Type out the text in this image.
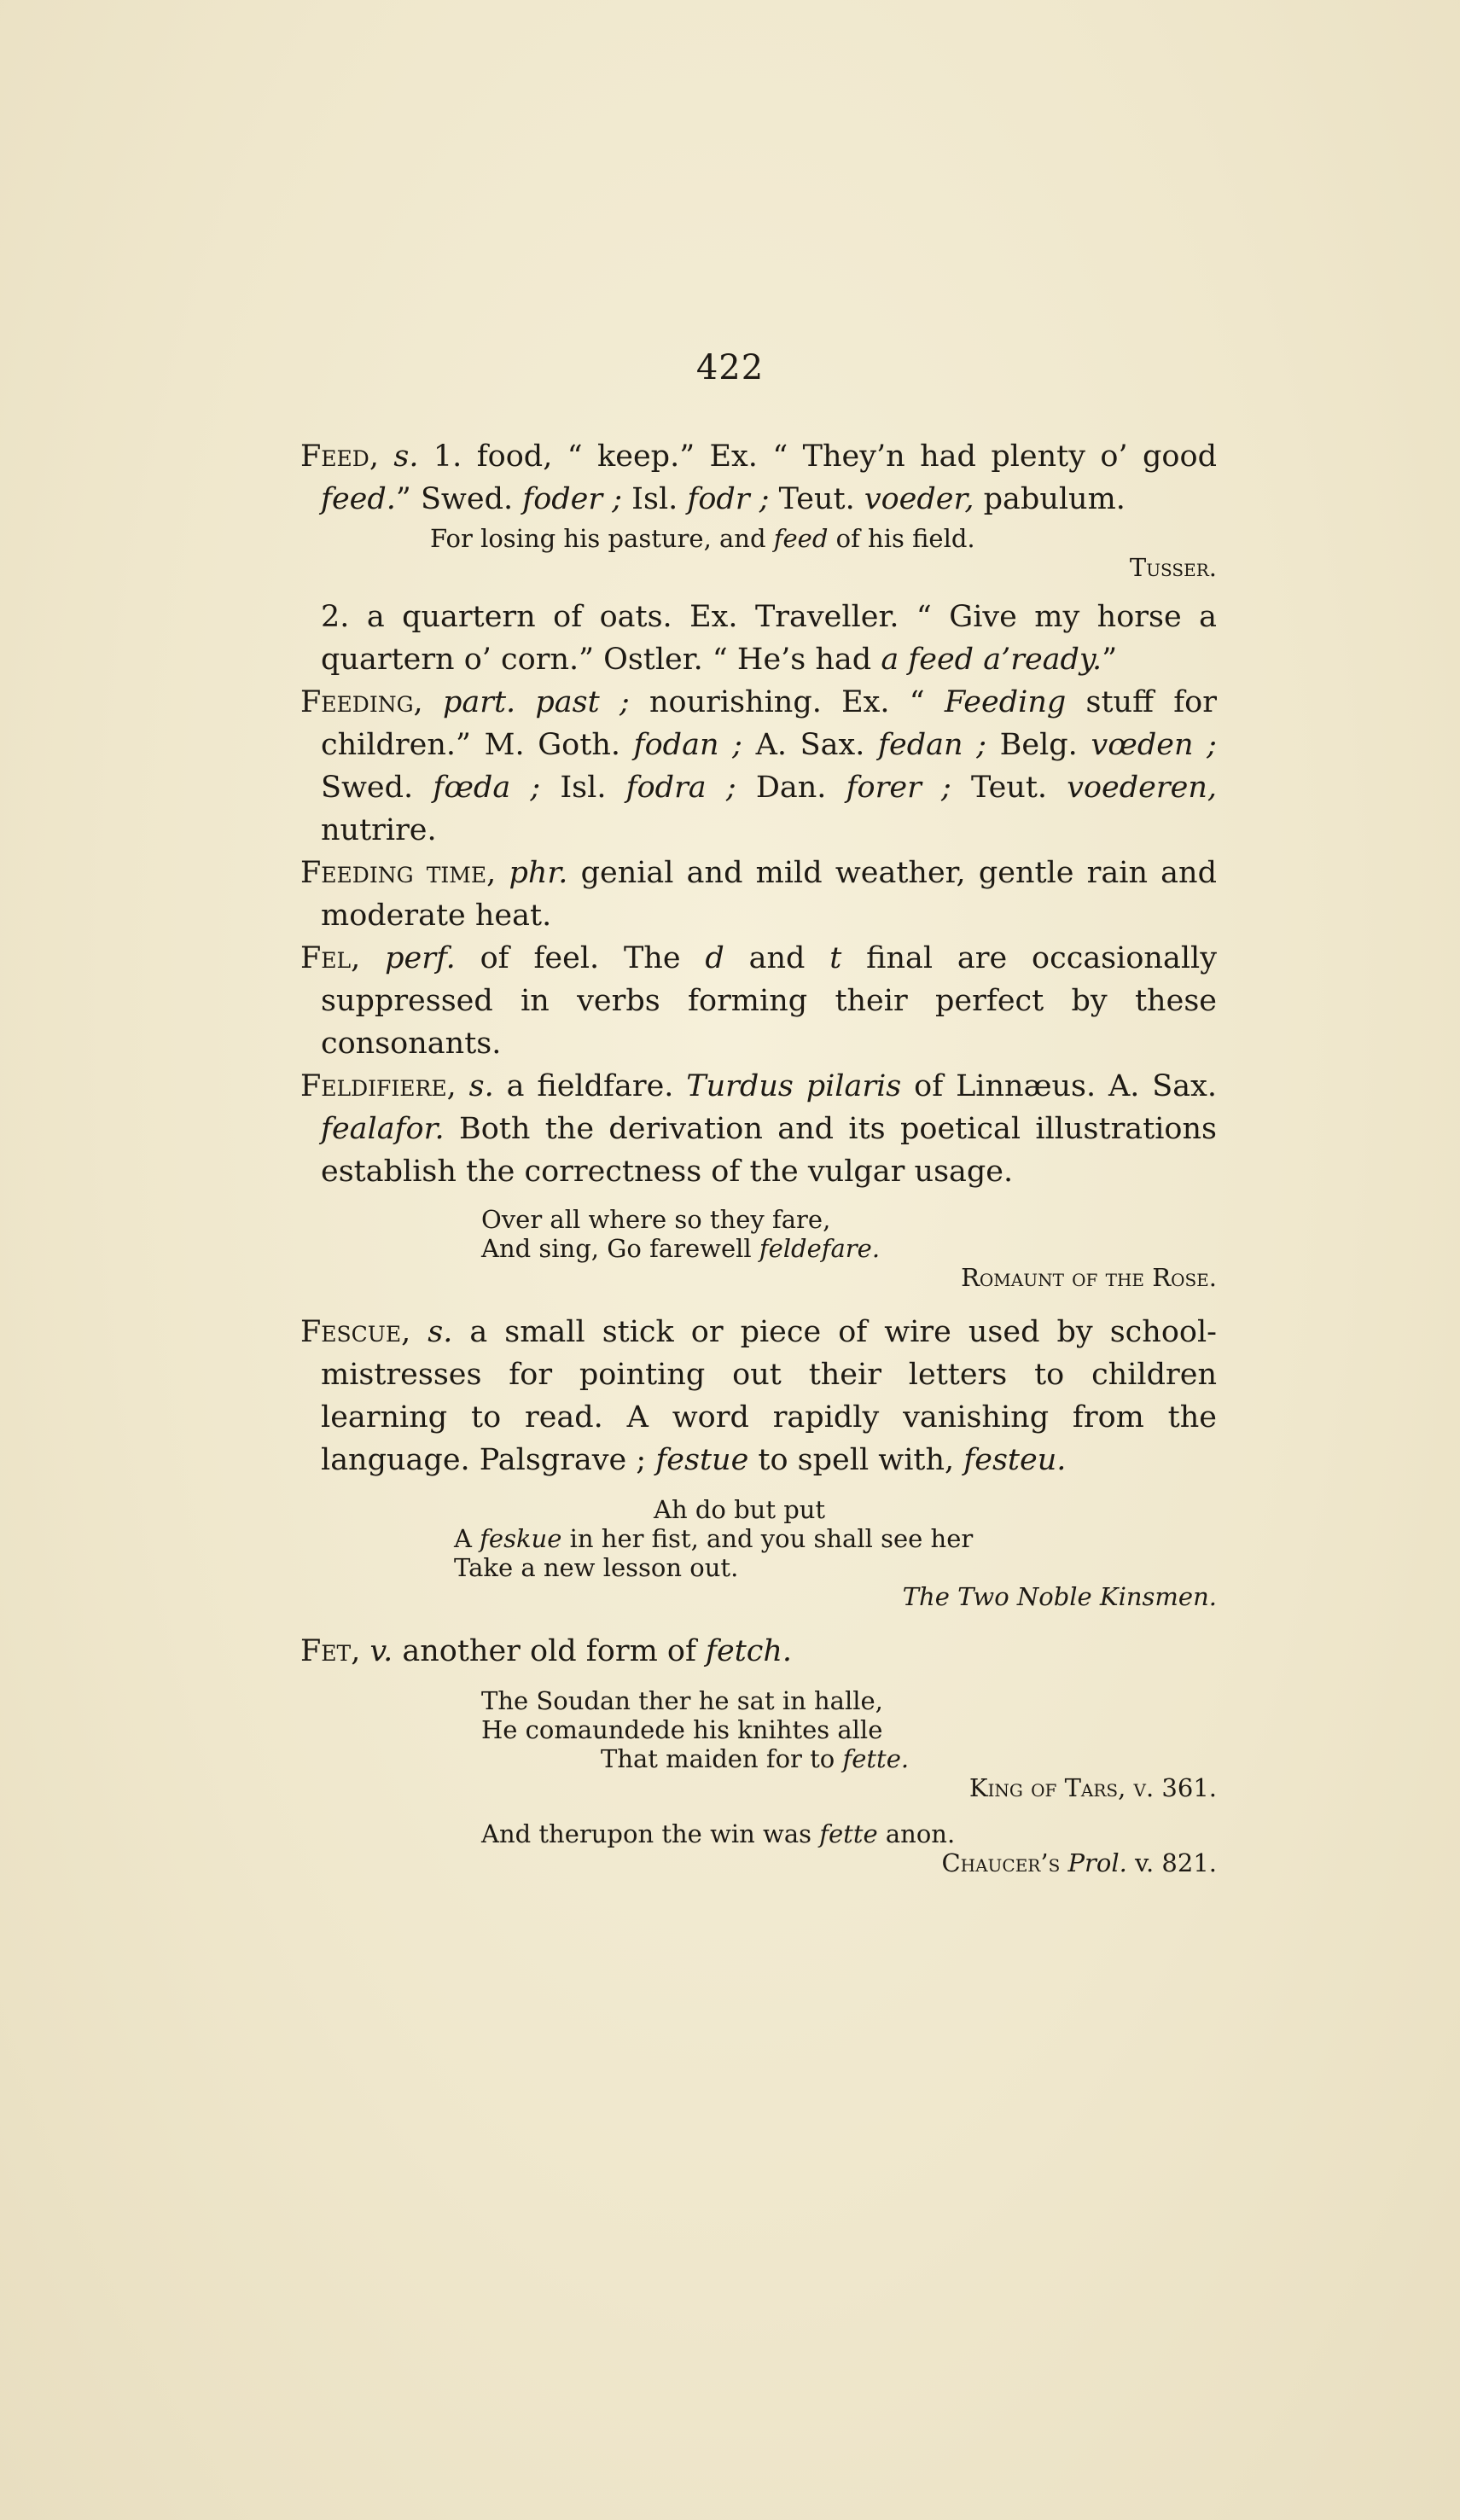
422

Feed, s. 1. food, “ keep.” Ex. “ They’n had plenty o’ good feed.” Swed. foder ; Isl. fodr ; Teut. voeder, pabulum.

For losing his pasture, and feed of his field.
Tusser.

2. a quartern of oats. Ex. Traveller. “ Give my horse a quartern o’ corn.” Ostler. “ He’s had a feed a’ready.”

Feeding, part. past ; nourishing. Ex. “ Feeding stuff for children.” M. Goth. fodan ; A. Sax. fedan ; Belg. vœden ; Swed. fœda ; Isl. fodra ; Dan. forer ; Teut. voederen, nutrire.

Feeding time, phr. genial and mild weather, gentle rain and moderate heat.

Fel, perf. of feel. The d and t final are occasionally suppressed in verbs forming their perfect by these consonants.

Feldifiere, s. a fieldfare. Turdus pilaris of Linnæus. A. Sax. fealafor. Both the derivation and its poetical illustrations establish the correctness of the vulgar usage.

Over all where so they fare,
And sing, Go farewell feldefare.
Romaunt of the Rose.

Fescue, s. a small stick or piece of wire used by school-mistresses for pointing out their letters to children learning to read. A word rapidly vanishing from the language. Palsgrave ; festue to spell with, festeu.

Ah do but put
A feskue in her fist, and you shall see her
Take a new lesson out.
The Two Noble Kinsmen.

Fet, v. another old form of fetch.

The Soudan ther he sat in halle,
He comaundede his knihtes alle
That maiden for to fette.
King of Tars, v. 361.
And therupon the win was fette anon.
Chaucer’s Prol. v. 821.
